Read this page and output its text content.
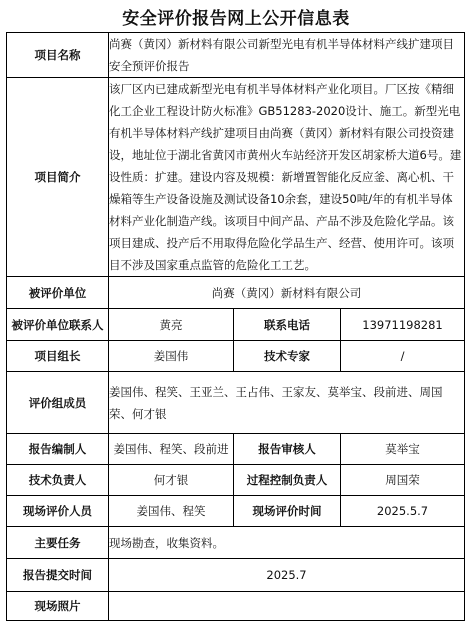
安全评价报告网上公开信息表
项目名称	尚赛（黄冈）新材料有限公司新型光电有机半导体材料产线扩建项目安全预评价报告		
项目简介	该厂区内已建成新型光电有机半导体材料产业化项目。厂区按《精细化工企业工程设计防火标准》GB51283-2020设计、施工。新型光电有机半导体材料产线扩建项目由尚赛（黄冈）新材料有限公司投资建设，地址位于湖北省黄冈市黄州火车站经济开发区胡家桥大道6号。建设性质：扩建。建设内容及规模：新增置智能化反应釜、离心机、干燥箱等生产设备设施及测试设备10余套，建设50吨/年的有机半导体材料产业化制造产线。该项目中间产品、产品不涉及危险化学品。该项目建成、投产后不用取得危险化学品生产、经营、使用许可。该项目不涉及国家重点监管的危险化工工艺。		
被评价单位	尚赛（黄冈）新材料有限公司		
被评价单位联系人	黄亮	联系电话	13971198281
项目组长	姜国伟	技术专家	/
评价组成员	姜国伟、程笑、王亚兰、王占伟、王家友、莫举宝、段前进、周国荣、何才银		
报告编制人	姜国伟、程笑、段前进	报告审核人	莫举宝
技术负责人	何才银	过程控制负责人	周国荣
现场评价人员	姜国伟、程笑	现场评价时间	2025.5.7
主要任务	现场勘查，收集资料。		
报告提交时间	2025.7		
现场照片			
